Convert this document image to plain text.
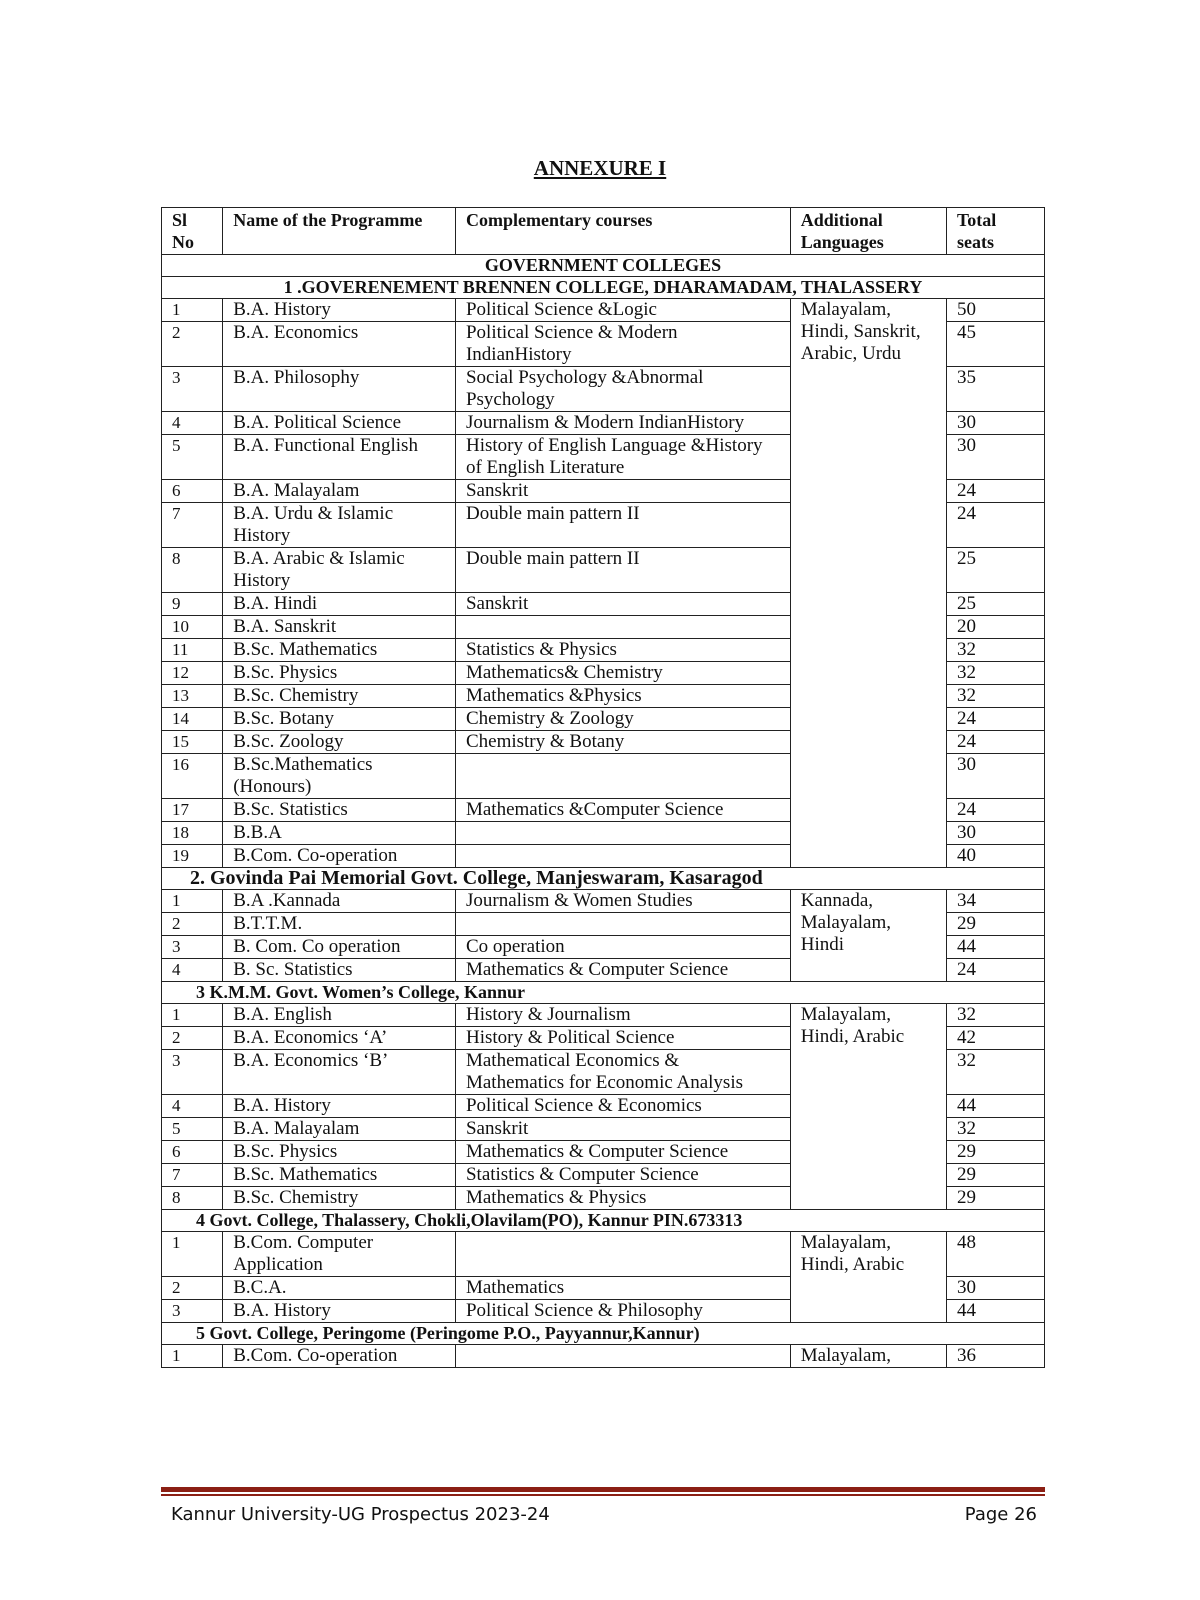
ANNEXURE I
Sl No	Name of the Programme	Complementary courses	Additional Languages	Total seats
GOVERNMENT COLLEGES				
1 .GOVERENEMENT BRENNEN COLLEGE, DHARAMADAM, THALASSERY				
1	B.A. History	Political Science &Logic	Malayalam, Hindi, Sanskrit, Arabic, Urdu	50
2	B.A. Economics	Political Science & Modern IndianHistory		45
3	B.A. Philosophy	Social Psychology &Abnormal Psychology		35
4	B.A. Political Science	Journalism & Modern IndianHistory		30
5	B.A. Functional English	History of English Language &History of English Literature		30
6	B.A. Malayalam	Sanskrit		24
7	B.A. Urdu & Islamic History	Double main pattern II		24
8	B.A. Arabic & Islamic History	Double main pattern II		25
9	B.A. Hindi	Sanskrit		25
10	B.A. Sanskrit			20
11	B.Sc. Mathematics	Statistics & Physics		32
12	B.Sc. Physics	Mathematics& Chemistry		32
13	B.Sc. Chemistry	Mathematics &Physics		32
14	B.Sc. Botany	Chemistry & Zoology		24
15	B.Sc. Zoology	Chemistry & Botany		24
16	B.Sc.Mathematics (Honours)			30
17	B.Sc. Statistics	Mathematics &Computer Science		24
18	B.B.A			30
19	B.Com. Co-operation			40
2. Govinda Pai Memorial Govt. College, Manjeswaram, Kasaragod				
1	B.A .Kannada	Journalism & Women Studies	Kannada, Malayalam, Hindi	34
2	B.T.T.M.			29
3	B. Com. Co operation	Co operation		44
4	B. Sc. Statistics	Mathematics & Computer Science		24
3 K.M.M. Govt. Women’s College, Kannur				
1	B.A. English	History & Journalism	Malayalam, Hindi, Arabic	32
2	B.A. Economics ‘A’	History & Political Science		42
3	B.A. Economics ‘B’	Mathematical Economics & Mathematics for Economic Analysis		32
4	B.A. History	Political Science & Economics		44
5	B.A. Malayalam	Sanskrit		32
6	B.Sc. Physics	Mathematics & Computer Science		29
7	B.Sc. Mathematics	Statistics & Computer Science		29
8	B.Sc. Chemistry	Mathematics & Physics		29
4 Govt. College, Thalassery, Chokli,Olavilam(PO), Kannur PIN.673313				
1	B.Com. Computer Application		Malayalam, Hindi, Arabic	48
2	B.C.A.	Mathematics		30
3	B.A. History	Political Science & Philosophy		44
5 Govt. College, Peringome (Peringome P.O., Payyannur,Kannur)				
1	B.Com. Co-operation		Malayalam,	36
Kannur University-UG Prospectus 2023-24	Page 26
